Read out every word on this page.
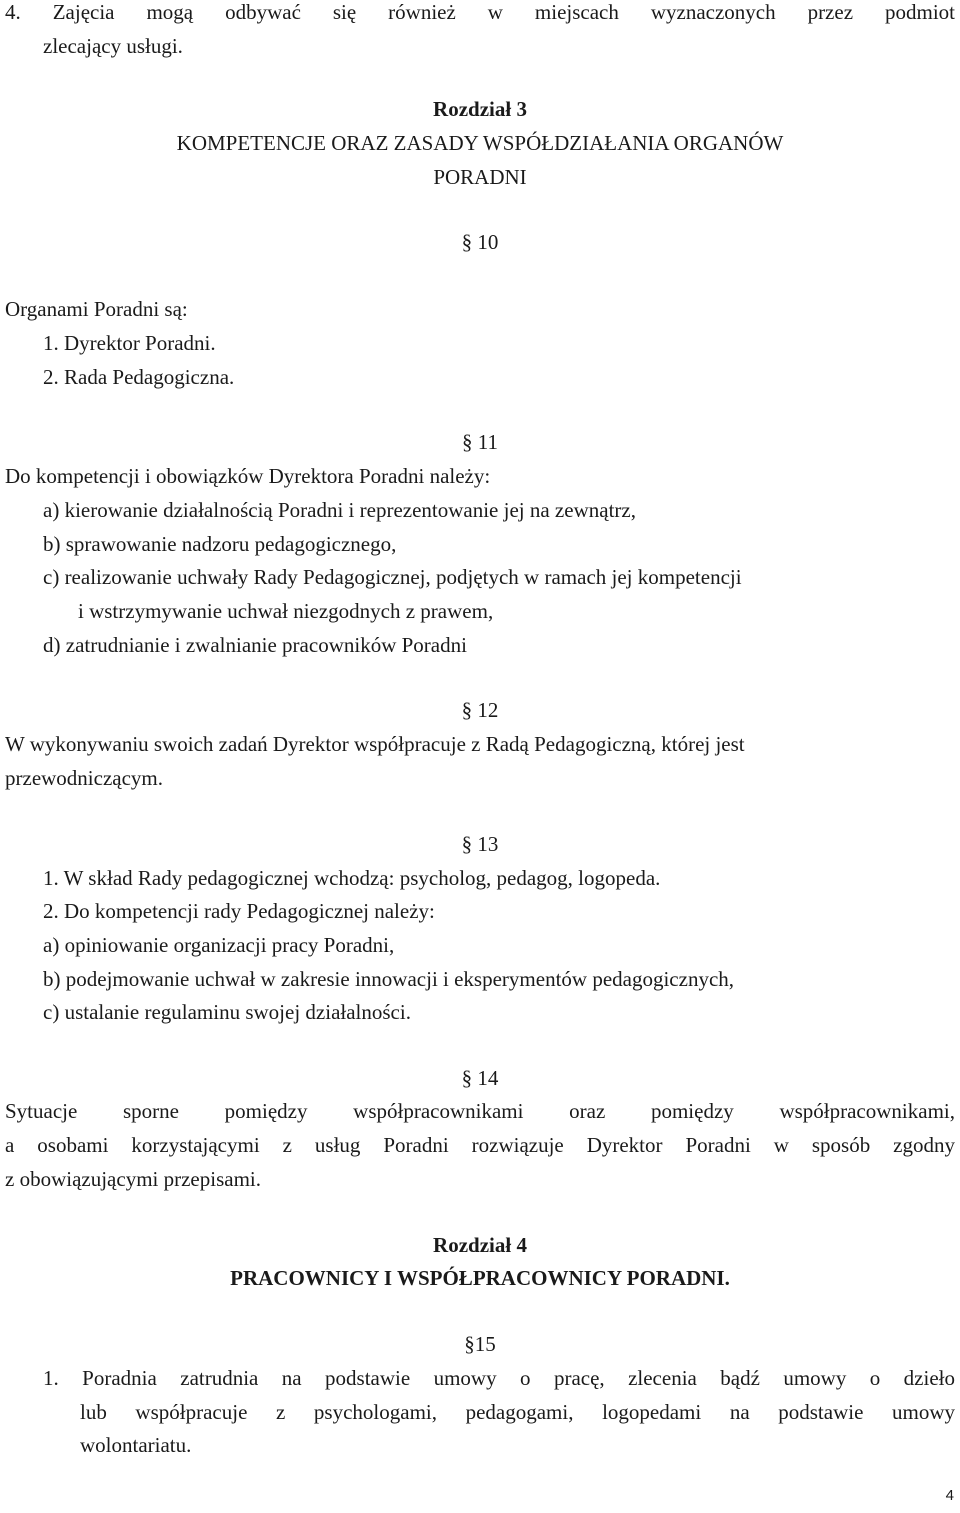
4. Zajęcia mogą odbywać się również w miejscach wyznaczonych przez podmiot
zlecający usługi.
Rozdział 3
KOMPETENCJE ORAZ ZASADY WSPÓŁDZIAŁANIA ORGANÓW
PORADNI
§ 10
Organami Poradni są:
1. Dyrektor Poradni.
2. Rada Pedagogiczna.
§ 11
Do kompetencji i obowiązków Dyrektora Poradni należy:
a) kierowanie działalnością Poradni i reprezentowanie jej na zewnątrz,
b) sprawowanie nadzoru pedagogicznego,
c) realizowanie uchwały Rady Pedagogicznej, podjętych w ramach jej kompetencji
i wstrzymywanie uchwał niezgodnych z prawem,
d) zatrudnianie i zwalnianie pracowników Poradni
§ 12
W wykonywaniu swoich zadań Dyrektor współpracuje z Radą Pedagogiczną, której jest
przewodniczącym.
§ 13
1. W skład Rady pedagogicznej wchodzą: psycholog, pedagog, logopeda.
2. Do kompetencji rady Pedagogicznej należy:
a) opiniowanie organizacji pracy Poradni,
b) podejmowanie uchwał w zakresie innowacji i eksperymentów pedagogicznych,
c) ustalanie regulaminu swojej działalności.
§ 14
Sytuacje sporne pomiędzy współpracownikami oraz pomiędzy współpracownikami,
a osobami korzystającymi z usług Poradni rozwiązuje Dyrektor Poradni w sposób zgodny
z obowiązującymi przepisami.
Rozdział 4
PRACOWNICY I WSPÓŁPRACOWNICY PORADNI.
§15
1. Poradnia zatrudnia na podstawie umowy o pracę, zlecenia bądź umowy o dzieło
lub współpracuje z psychologami, pedagogami, logopedami na podstawie umowy
wolontariatu.
4
